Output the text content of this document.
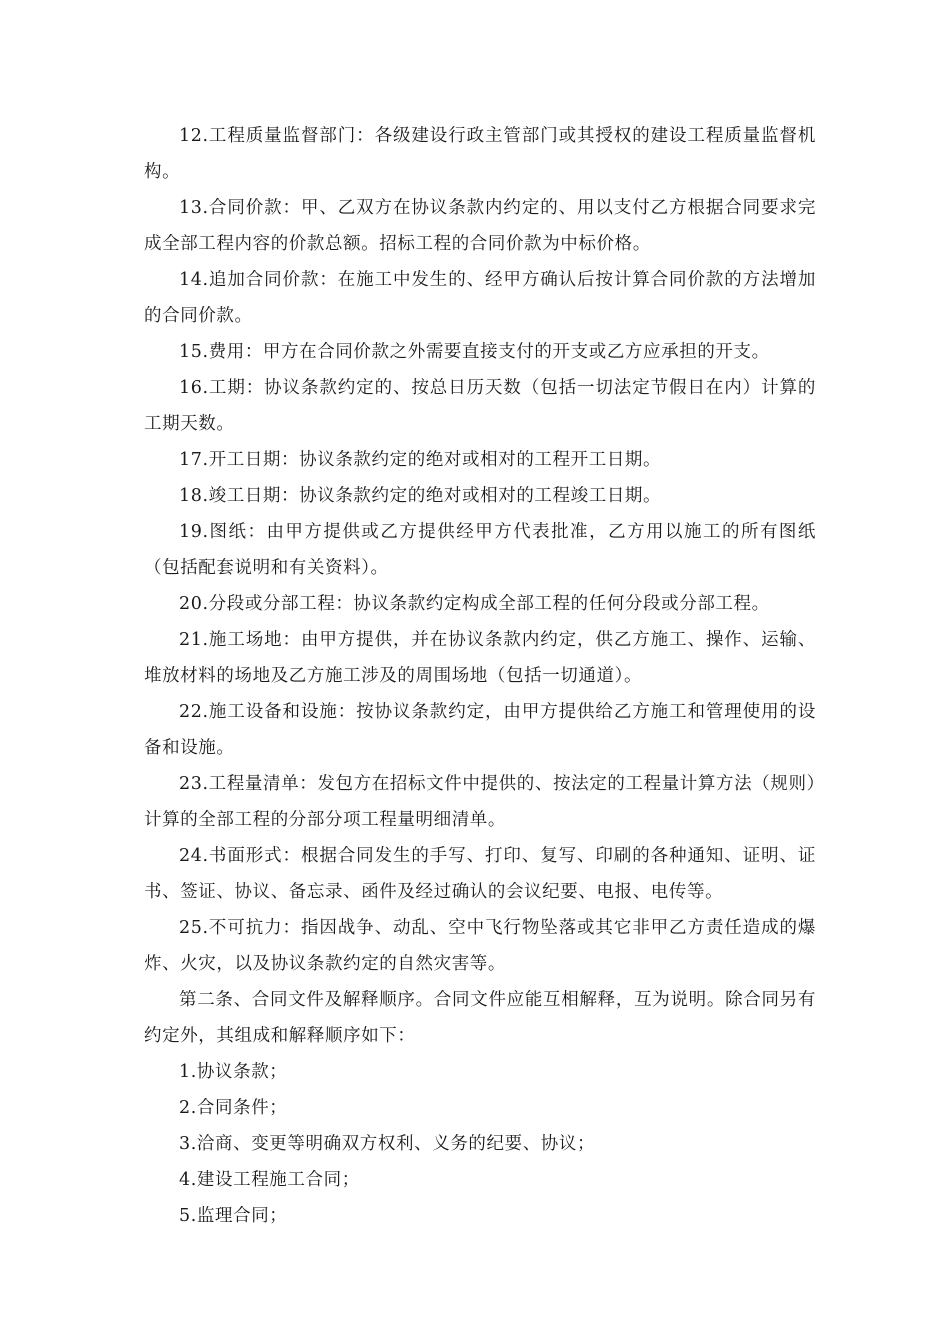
12.工程质量监督部门：各级建设行政主管部门或其授权的建设工程质量监督机构。

13.合同价款：甲、乙双方在协议条款内约定的、用以支付乙方根据合同要求完成全部工程内容的价款总额。招标工程的合同价款为中标价格。

14.追加合同价款：在施工中发生的、经甲方确认后按计算合同价款的方法增加的合同价款。

15.费用：甲方在合同价款之外需要直接支付的开支或乙方应承担的开支。

16.工期：协议条款约定的、按总日历天数（包括一切法定节假日在内）计算的工期天数。

17.开工日期：协议条款约定的绝对或相对的工程开工日期。

18.竣工日期：协议条款约定的绝对或相对的工程竣工日期。

19.图纸：由甲方提供或乙方提供经甲方代表批准，乙方用以施工的所有图纸（包括配套说明和有关资料）。

20.分段或分部工程：协议条款约定构成全部工程的任何分段或分部工程。

21.施工场地：由甲方提供，并在协议条款内约定，供乙方施工、操作、运输、堆放材料的场地及乙方施工涉及的周围场地（包括一切通道）。

22.施工设备和设施：按协议条款约定，由甲方提供给乙方施工和管理使用的设备和设施。

23.工程量清单：发包方在招标文件中提供的、按法定的工程量计算方法（规则）计算的全部工程的分部分项工程量明细清单。

24.书面形式：根据合同发生的手写、打印、复写、印刷的各种通知、证明、证书、签证、协议、备忘录、函件及经过确认的会议纪要、电报、电传等。

25.不可抗力：指因战争、动乱、空中飞行物坠落或其它非甲乙方责任造成的爆炸、火灾，以及协议条款约定的自然灾害等。

第二条、合同文件及解释顺序。合同文件应能互相解释，互为说明。除合同另有约定外，其组成和解释顺序如下：

1.协议条款；

2.合同条件；

3.洽商、变更等明确双方权利、义务的纪要、协议；

4.建设工程施工合同；

5.监理合同；
